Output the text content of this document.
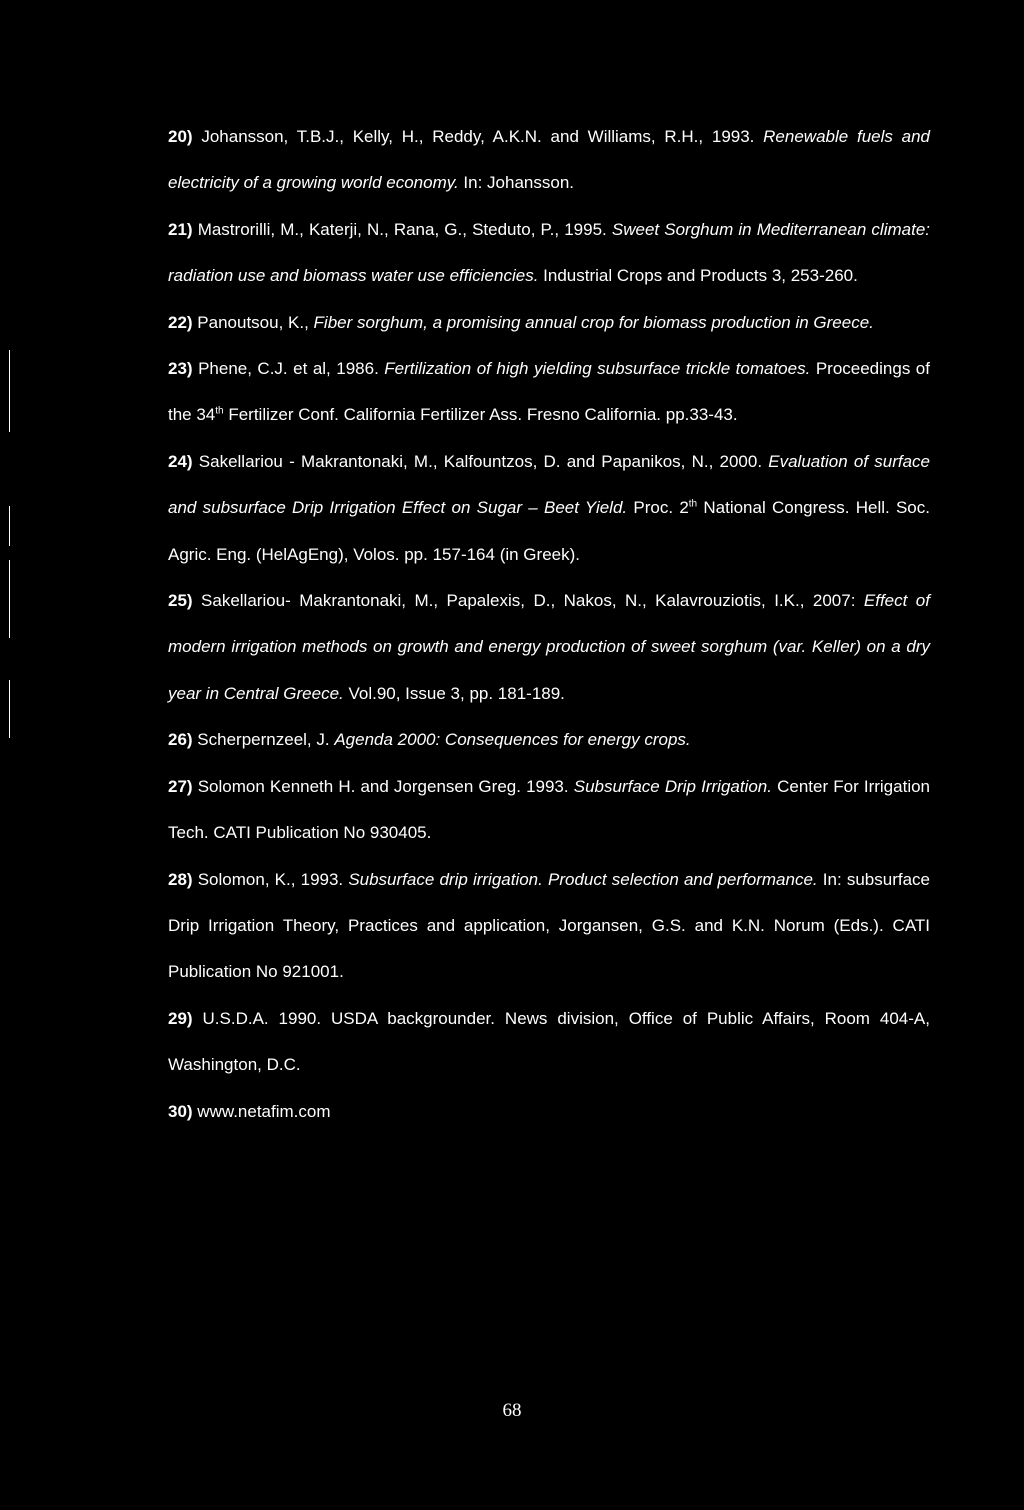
20) Johansson, T.B.J., Kelly, H., Reddy, A.K.N. and Williams, R.H., 1993. Renewable fuels and electricity of a growing world economy. In: Johansson.

21) Mastrorilli, M., Katerji, N., Rana, G., Steduto, P., 1995. Sweet Sorghum in Mediterranean climate: radiation use and biomass water use efficiencies. Industrial Crops and Products 3, 253-260.

22) Panoutsou, K., Fiber sorghum, a promising annual crop for biomass production in Greece.

23) Phene, C.J. et al, 1986. Fertilization of high yielding subsurface trickle tomatoes. Proceedings of the 34th Fertilizer Conf. California Fertilizer Ass. Fresno California. pp.33-43.

24) Sakellariou - Makrantonaki, M., Kalfountzos, D. and Papanikos, N., 2000. Evaluation of surface and subsurface Drip Irrigation Effect on Sugar – Beet Yield. Proc. 2th National Congress. Hell. Soc. Agric. Eng. (HelAgEng), Volos. pp. 157-164 (in Greek).

25) Sakellariou- Makrantonaki, M., Papalexis, D., Nakos, N., Kalavrouziotis, I.K., 2007: Effect of modern irrigation methods on growth and energy production of sweet sorghum (var. Keller) on a dry year in Central Greece. Vol.90, Issue 3, pp. 181-189.

26) Scherpernzeel, J. Agenda 2000: Consequences for energy crops.

27) Solomon Kenneth H. and Jorgensen Greg. 1993. Subsurface Drip Irrigation. Center For Irrigation Tech. CATI Publication No 930405.

28) Solomon, K., 1993. Subsurface drip irrigation. Product selection and performance. In: subsurface Drip Irrigation Theory, Practices and application, Jorgansen, G.S. and K.N. Norum (Eds.). CATI Publication No 921001.

29) U.S.D.A. 1990. USDA backgrounder. News division, Office of Public Affairs, Room 404-A, Washington, D.C.

30) www.netafim.com

68
